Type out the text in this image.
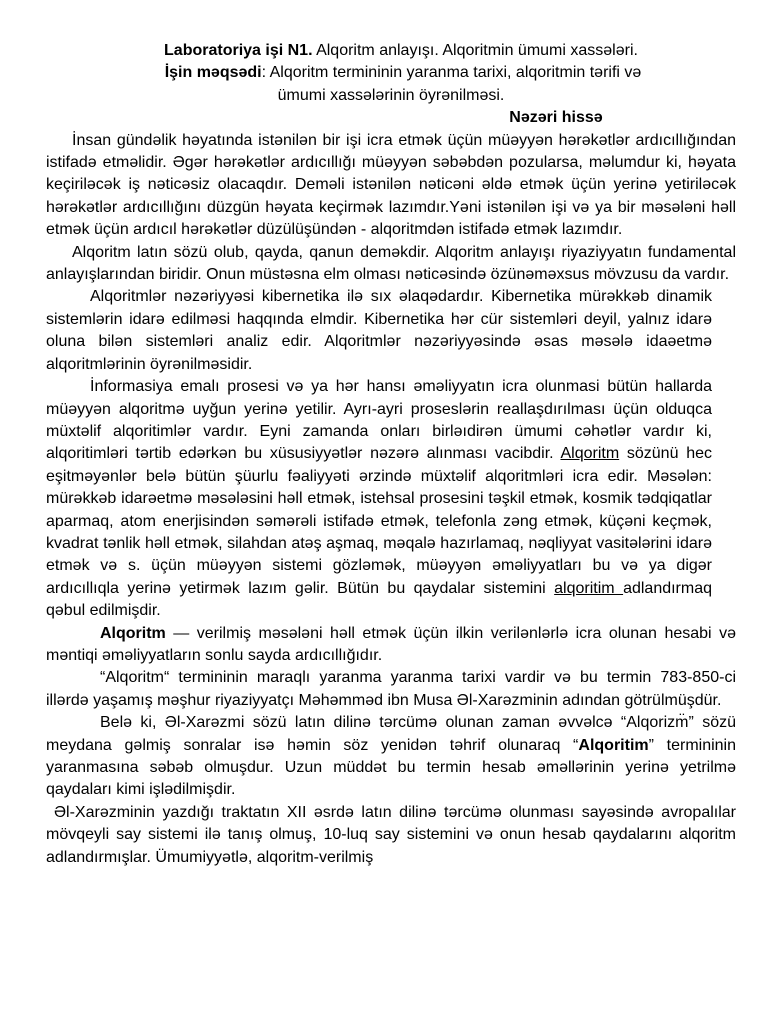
Laboratoriya işi N1. Alqoritm anlayışı. Alqoritmin ümumi xassələri.
İşin məqsədi: Alqoritm termininin yaranma tarixi, alqoritmin tərifi və
ümumi xassələrinin öyrənilməsi.
Nəzəri hissə

İnsan gündəlik həyatında istənilən bir işi icra etmək üçün müəyyən hərəkətlər ardıcıllığından istifadə etməlidir. Əgər hərəkətlər ardıcıllığı müəyyən səbəbdən pozularsa, məlumdur ki, həyata keçiriləcək iş nəticəsiz olacaqdır. Deməli istənilən nəticəni əldə etmək üçün yerinə yetiriləcək hərəkətlər ardıcıllığını düzgün həyata keçirmək lazımdır.Yəni istənilən işi və ya bir məsələni həll etmək üçün ardıcıl hərəkətlər düzülüşündən - alqoritmdən istifadə etmək lazımdır.

Alqoritm latın sözü olub, qayda, qanun deməkdir. Alqoritm anlayışı riyaziyyatın fundamental anlayışlarından biridir. Onun müstəsna elm olması nəticəsində özünəməxsus mövzusu da vardır.

Alqoritmlər nəzəriyyəsi kibernetika ilə sıx əlaqədardır. Kibernetika mürəkkəb dinamik sistemlərin idarə edilməsi haqqında elmdir. Kibernetika hər cür sistemləri deyil, yalnız idarə oluna bilən sistemləri analiz edir. Alqoritmlər nəzəriyyəsində əsas məsələ idaəetmə alqoritmlərinin öyrənilməsidir.

İnformasiya emalı prosesi və ya hər hansı əməliyyatın icra olunmasi bütün hallarda müəyyən alqoritmə uyğun yerinə yetilir. Ayrı-ayri proseslərin reallaşdırılması üçün olduqca müxtəlif alqoritimlər vardır. Eyni zamanda onları birləıdirən ümumi cəhətlər vardır ki, alqoritimləri tərtib edərkən bu xüsusiyyətlər nəzərə alınması vacibdir. Alqoritm sözünü hec eşitməyənlər belə bütün şüurlu fəaliyyəti ərzində müxtəlif alqoritmləri icra edir. Məsələn: mürəkkəb idarəetmə məsələsini həll etmək, istehsal prosesini təşkil etmək, kosmik tədqiqatlar aparmaq, atom enerjisindən səmərəli istifadə etmək, telefonla zəng etmək, küçəni keçmək, kvadrat tənlik həll etmək, silahdan atəş aşmaq, məqalə hazırlamaq, nəqliyyat vasitələrini idarə etmək və s. üçün müəyyən sistemi gözləmək, müəyyən əməliyyatları bu və ya digər ardıcıllıqla yerinə yetirmək lazım gəlir. Bütün bu qaydalar sistemini alqoritim adlandırmaq qəbul edilmişdir.

Alqoritm — verilmiş məsələni həll etmək üçün ilkin verilənlərlə icra olunan hesabi və məntiqi əməliyyatların sonlu sayda ardıcıllığıdır.

“Alqoritm“ termininin maraqlı yaranma yaranma tarixi vardir və bu termin 783-850-ci illərdə yaşamış məşhur riyaziyyatçı Məhəmməd ibn Musa Əl-Xarəzminin adından götrülmüşdür.

Belə ki, Əl-Xarəzmi sözü latın dilinə tərcümə olunan zaman əvvəlcə “Alqorizm̈” sözü meydana gəlmiş sonralar isə həmin söz yenidən təhrif olunaraq “Alqoritim” termininin yaranmasına səbəb olmuşdur. Uzun müddət bu termin hesab əməllərinin yerinə yetrilmə qaydaları kimi işlədilmişdir.

Əl-Xarəzminin yazdığı traktatın XII əsrdə latın dilinə tərcümə olunması sayəsində avropalılar mövqeyli say sistemi ilə tanış olmuş, 10-luq say sistemini və onun hesab qaydalarını alqoritm adlandırmışlar. Ümumiyyətlə, alqoritm-verilmiş
